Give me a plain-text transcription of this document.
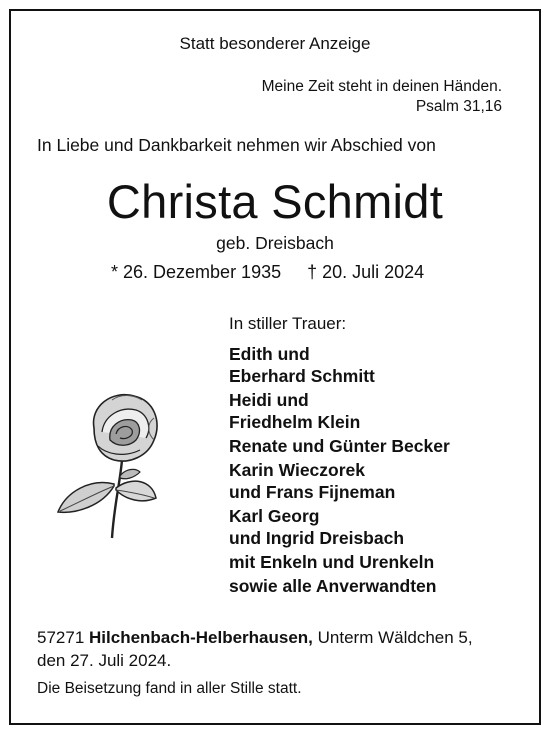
Statt besonderer Anzeige
Meine Zeit steht in deinen Händen.
Psalm 31,16
In Liebe und Dankbarkeit nehmen wir Abschied von
Christa Schmidt
geb. Dreisbach
* 26. Dezember 1935 † 20. Juli 2024
In stiller Trauer:
Edith und
Eberhard Schmitt
Heidi und
Friedhelm Klein
Renate und Günter Becker
Karin Wieczorek
und Frans Fijneman
Karl Georg
und Ingrid Dreisbach
mit Enkeln und Urenkeln
sowie alle Anverwandten
57271 Hilchenbach-Helberhausen, Unterm Wäldchen 5,
den 27. Juli 2024.
Die Beisetzung fand in aller Stille statt.
